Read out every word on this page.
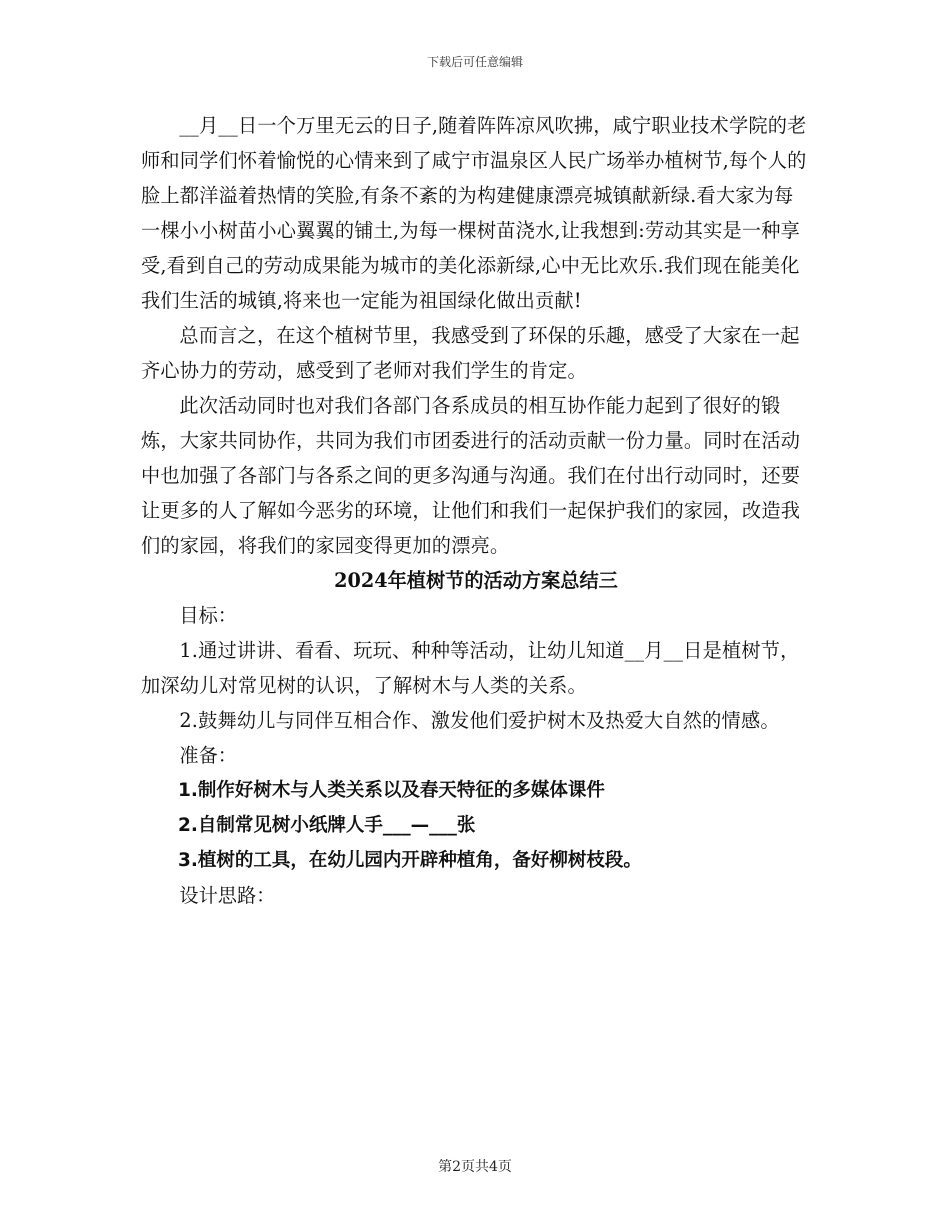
下载后可任意编辑

__月__日一个万里无云的日子,随着阵阵凉风吹拂，咸宁职业技术学院的老师和同学们怀着愉悦的心情来到了咸宁市温泉区人民广场举办植树节,每个人的脸上都洋溢着热情的笑脸,有条不紊的为构建健康漂亮城镇献新绿.看大家为每一棵小小树苗小心翼翼的铺土,为每一棵树苗浇水,让我想到:劳动其实是一种享受,看到自己的劳动成果能为城市的美化添新绿,心中无比欢乐.我们现在能美化我们生活的城镇,将来也一定能为祖国绿化做出贡献!

总而言之，在这个植树节里，我感受到了环保的乐趣，感受了大家在一起齐心协力的劳动，感受到了老师对我们学生的肯定。

此次活动同时也对我们各部门各系成员的相互协作能力起到了很好的锻炼，大家共同协作，共同为我们市团委进行的活动贡献一份力量。同时在活动中也加强了各部门与各系之间的更多沟通与沟通。我们在付出行动同时，还要让更多的人了解如今恶劣的环境，让他们和我们一起保护我们的家园，改造我们的家园，将我们的家园变得更加的漂亮。

2024年植树节的活动方案总结三

目标：

1.通过讲讲、看看、玩玩、种种等活动，让幼儿知道__月__日是植树节，加深幼儿对常见树的认识，了解树木与人类的关系。

2.鼓舞幼儿与同伴互相合作、激发他们爱护树木及热爱大自然的情感。

准备：

1.制作好树木与人类关系以及春天特征的多媒体课件

2.自制常见树小纸牌人手___—___张

3.植树的工具，在幼儿园内开辟种植角，备好柳树枝段。

设计思路：

第2页共4页
